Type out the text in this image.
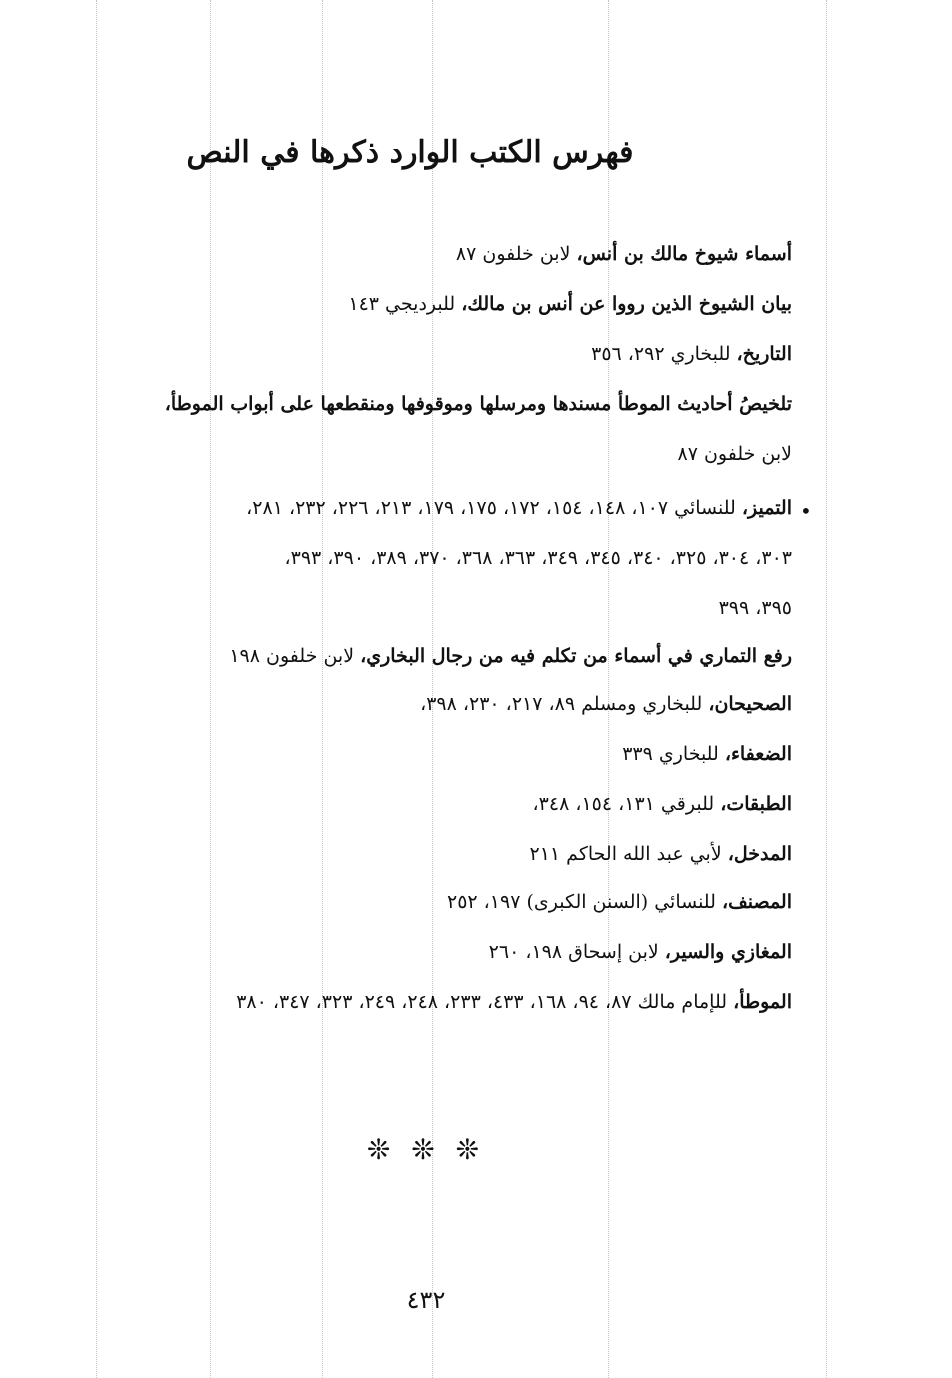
فهرس الكتب الوارد ذكرها في النص
أسماء شيوخ مالك بن أنس، لابن خلفون ٨٧
بيان الشيوخ الذين رووا عن أنس بن مالك، للبرديجي ١٤٣
التاريخ، للبخاري ٢٩٢، ٣٥٦
تلخيصُ أحاديث الموطأ مسندها ومرسلها وموقوفها ومنقطعها على أبواب الموطأ،
لابن خلفون ٨٧
•
التميز، للنسائي ١٠٧، ١٤٨، ١٥٤، ١٧٢، ١٧٥، ١٧٩، ٢١٣، ٢٢٦، ٢٣٢، ٢٨١،
٣٠٣، ٣٠٤، ٣٢٥، ٣٤٠، ٣٤٥، ٣٤٩، ٣٦٣، ٣٦٨، ٣٧٠، ٣٨٩، ٣٩٠، ٣٩٣،
٣٩٥، ٣٩٩
رفع التماري في أسماء من تكلم فيه من رجال البخاري، لابن خلفون ١٩٨
الصحيحان، للبخاري ومسلم ٨٩، ٢١٧، ٢٣٠، ٣٩٨،
الضعفاء، للبخاري ٣٣٩
الطبقات، للبرقي ١٣١، ١٥٤، ٣٤٨،
المدخل، لأبي عبد الله الحاكم ٢١١
المصنف، للنسائي (السنن الكبرى) ١٩٧، ٢٥٢
المغازي والسير، لابن إسحاق ١٩٨، ٢٦٠
الموطأ، للإمام مالك ٨٧، ٩٤، ١٦٨، ٤٣٣، ٢٣٣، ٢٤٨، ٢٤٩، ٣٢٣، ٣٤٧، ٣٨٠
❊ ❊ ❊
٤٣٢
